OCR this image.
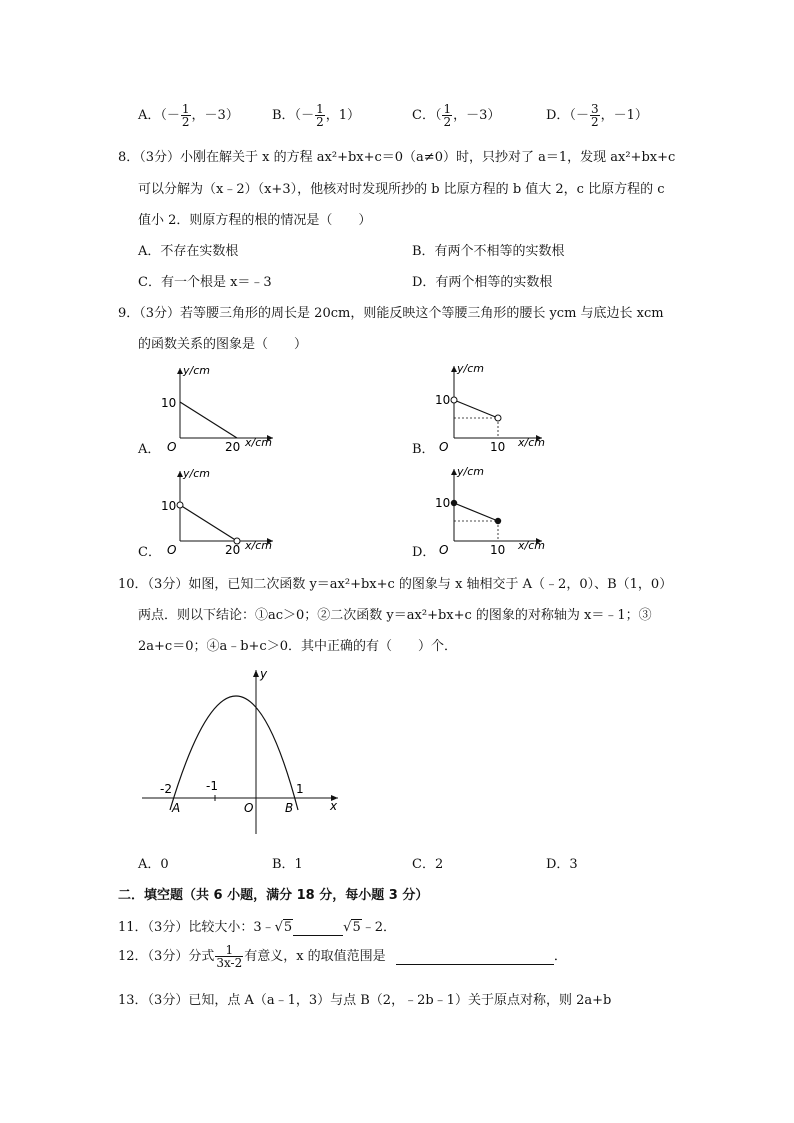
A．（－ $\frac{1}{2}$ ，－3）	B．（－ $\frac{1}{2}$ ，1）	C．（ $\frac{1}{2}$ ，－3）	D．（－ $\frac{3}{2}$ ，－1）
8．（3分）小刚在解关于 x 的方程 ax²+bx+c＝0（a≠0）时，只抄对了 a＝1，发现 ax²+bx+c
可以分解为（x﹣2）（x+3），他核对时发现所抄的 b 比原方程的 b 值大 2，c 比原方程的 c
值小 2．则原方程的根的情况是（　　）
A．不存在实数根	B．有两个不相等的实数根
C．有一个根是 x＝﹣3	D．有两个相等的实数根
9．（3分）若等腰三角形的周长是 20cm，则能反映这个等腰三角形的腰长 ycm 与底边长 xcm
的函数关系的图象是（　　）
A．
y/cm
10
O	20 x/cm	B．
y/cm
10
O	10 x/cm
C．
y/cm
10
O	20 x/cm	D．
y/cm
10
O	10 x/cm
10．（3分）如图，已知二次函数 y＝ax²+bx+c 的图象与 x 轴相交于 A（﹣2，0）、B（1，0）
两点．则以下结论：①ac＞0；②二次函数 y＝ax²+bx+c 的图象的对称轴为 x＝﹣1；③
2a+c＝0；④a﹣b+c＞0．其中正确的有（　　）个．
y
x
O
A	B
-2	-1	1
A．0	B．1	C．2	D．3
二．填空题（共 6 小题，满分 18 分，每小题 3 分）
11．（3分）比较大小：3﹣√5	√5﹣2．
12．（3分）分式 $\frac{1}{3x-2}$ 有意义，x 的取值范围是	．
13．（3分）已知，点 A（a﹣1，3）与点 B（2，﹣2b﹣1）关于原点对称，则 2a+b
